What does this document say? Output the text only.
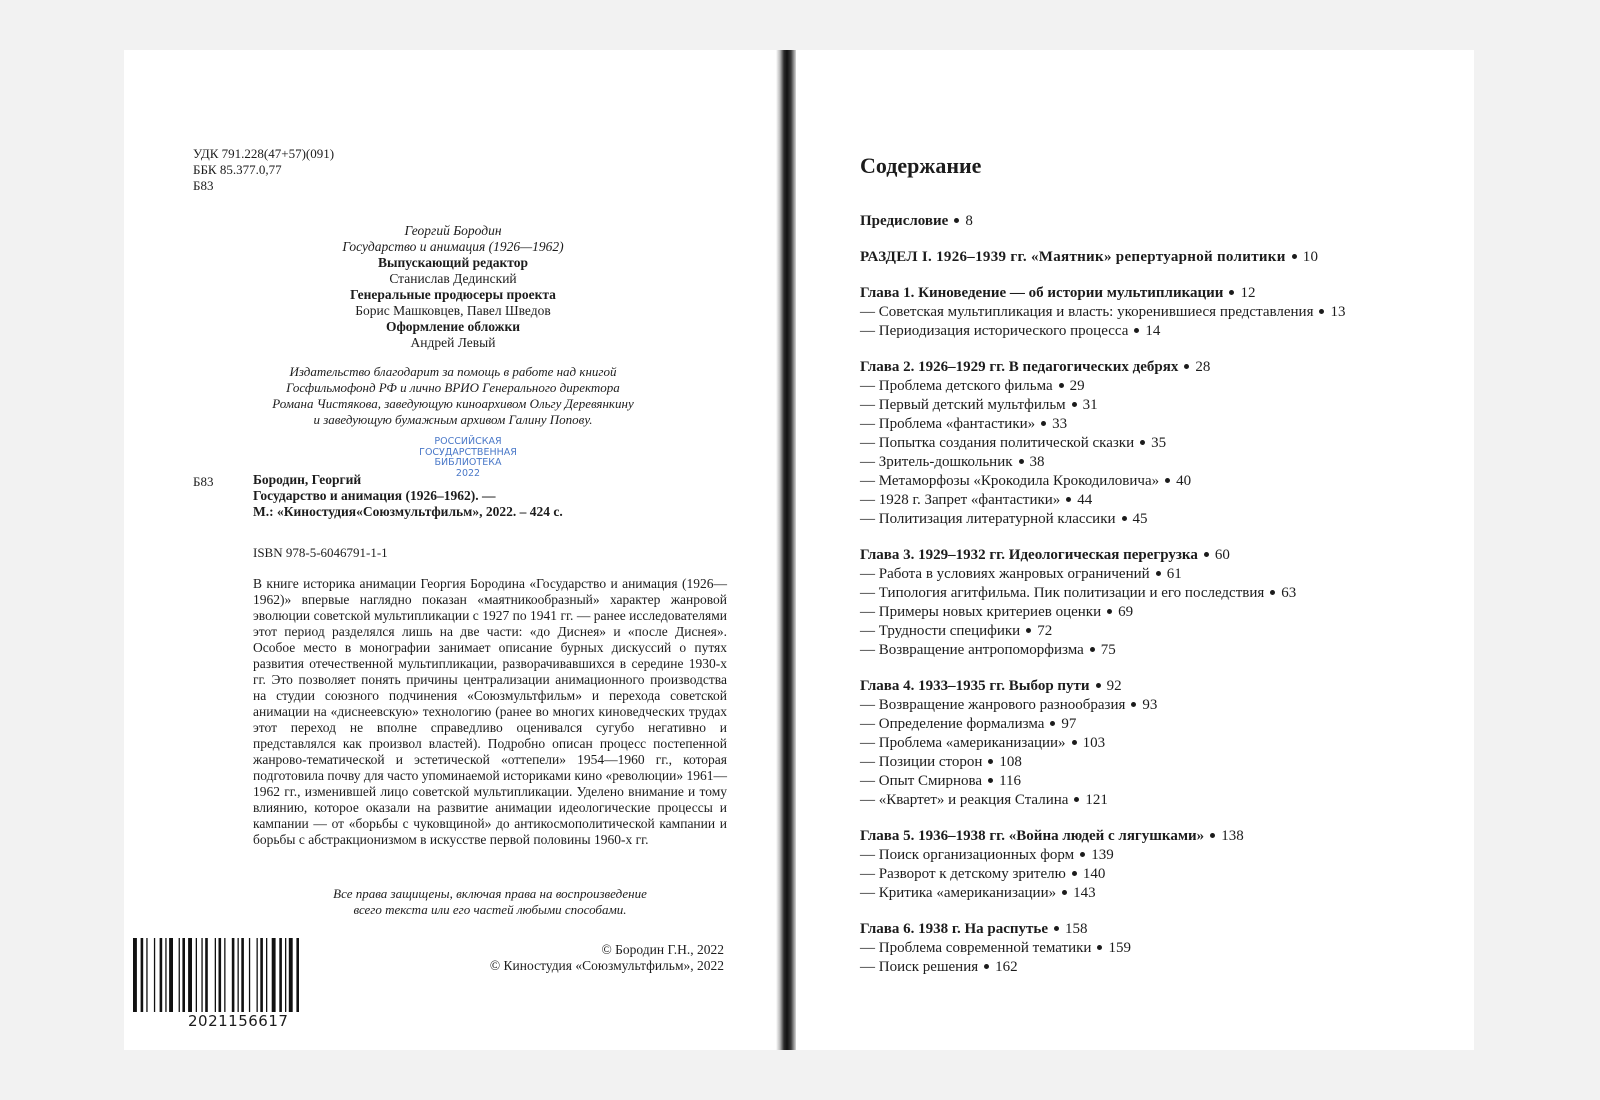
УДК 791.228(47+57)(091)
ББК 85.377.0,77
Б83
Георгий Бородин
Государство и анимация (1926—1962)
Выпускающий редактор
Станислав Дединский
Генеральные продюсеры проекта
Борис Машковцев, Павел Шведов
Оформление обложки
Андрей Левый
Издательство благодарит за помощь в работе над книгой
Госфильмофонд РФ и лично ВРИО Генерального директора
Романа Чистякова, заведующую киноархивом Ольгу Деревянкину
и заведующую бумажным архивом Галину Попову.
РОССИЙСКАЯ
ГОСУДАРСТВЕННАЯ
БИБЛИОТЕКА
2022
Б83	Бородин, Георгий
Государство и анимация (1926–1962). —
М.: «Киностудия«Союзмультфильм», 2022. – 424 с.
ISBN 978-5-6046791-1-1
В книге историка анимации Георгия Бородина «Государство и анимация (1926—1962)» впервые наглядно показан «маятникообразный» характер жанровой эволюции советской мультипликации с 1927 по 1941 гг. — ранее исследователями этот период разделялся лишь на две части: «до Диснея» и «после Диснея». Особое место в монографии занимает описание бурных дискуссий о путях развития отечественной мультипликации, разворачивавшихся в середине 1930-х гг. Это позволяет понять причины централизации анимационного производства на студии союзного подчинения «Союзмультфильм» и перехода советской анимации на «диснеевскую» технологию (ранее во многих киноведческих трудах этот переход не вполне справедливо оценивался сугубо негативно и представлялся как произвол властей). Подробно описан процесс постепенной жанрово-тематической и эстетической «оттепели» 1954—1960 гг., которая подготовила почву для часто упоминаемой историками кино «революции» 1961—1962 гг., изменившей лицо советской мультипликации. Уделено внимание и тому влиянию, которое оказали на развитие анимации идеологические процессы и кампании — от «борьбы с чуковщиной» до антикосмополитической кампании и борьбы с абстракционизмом в искусстве первой половины 1960-х гг.
Все права защищены, включая права на воспроизведение
всего текста или его частей любыми способами.
© Бородин Г.Н., 2022
© Киностудия «Союзмультфильм», 2022
2021156617
Содержание
Предисловие 8
РАЗДЕЛ I. 1926–1939 гг. «Маятник» репертуарной политики 10
Глава 1. Киноведение — об истории мультипликации 12
— Советская мультипликация и власть: укоренившиеся представления 13
— Периодизация исторического процесса 14
Глава 2. 1926–1929 гг. В педагогических дебрях 28
— Проблема детского фильма 29
— Первый детский мультфильм 31
— Проблема «фантастики» 33
— Попытка создания политической сказки 35
— Зритель-дошкольник 38
— Метаморфозы «Крокодила Крокодиловича» 40
— 1928 г. Запрет «фантастики» 44
— Политизация литературной классики 45
Глава 3. 1929–1932 гг. Идеологическая перегрузка 60
— Работа в условиях жанровых ограничений 61
— Типология агитфильма. Пик политизации и его последствия 63
— Примеры новых критериев оценки 69
— Трудности специфики 72
— Возвращение антропоморфизма 75
Глава 4. 1933–1935 гг. Выбор пути 92
— Возвращение жанрового разнообразия 93
— Определение формализма 97
— Проблема «американизации» 103
— Позиции сторон 108
— Опыт Смирнова 116
— «Квартет» и реакция Сталина 121
Глава 5. 1936–1938 гг. «Война людей с лягушками» 138
— Поиск организационных форм 139
— Разворот к детскому зрителю 140
— Критика «американизации» 143
Глава 6. 1938 г. На распутье 158
— Проблема современной тематики 159
— Поиск решения 162
